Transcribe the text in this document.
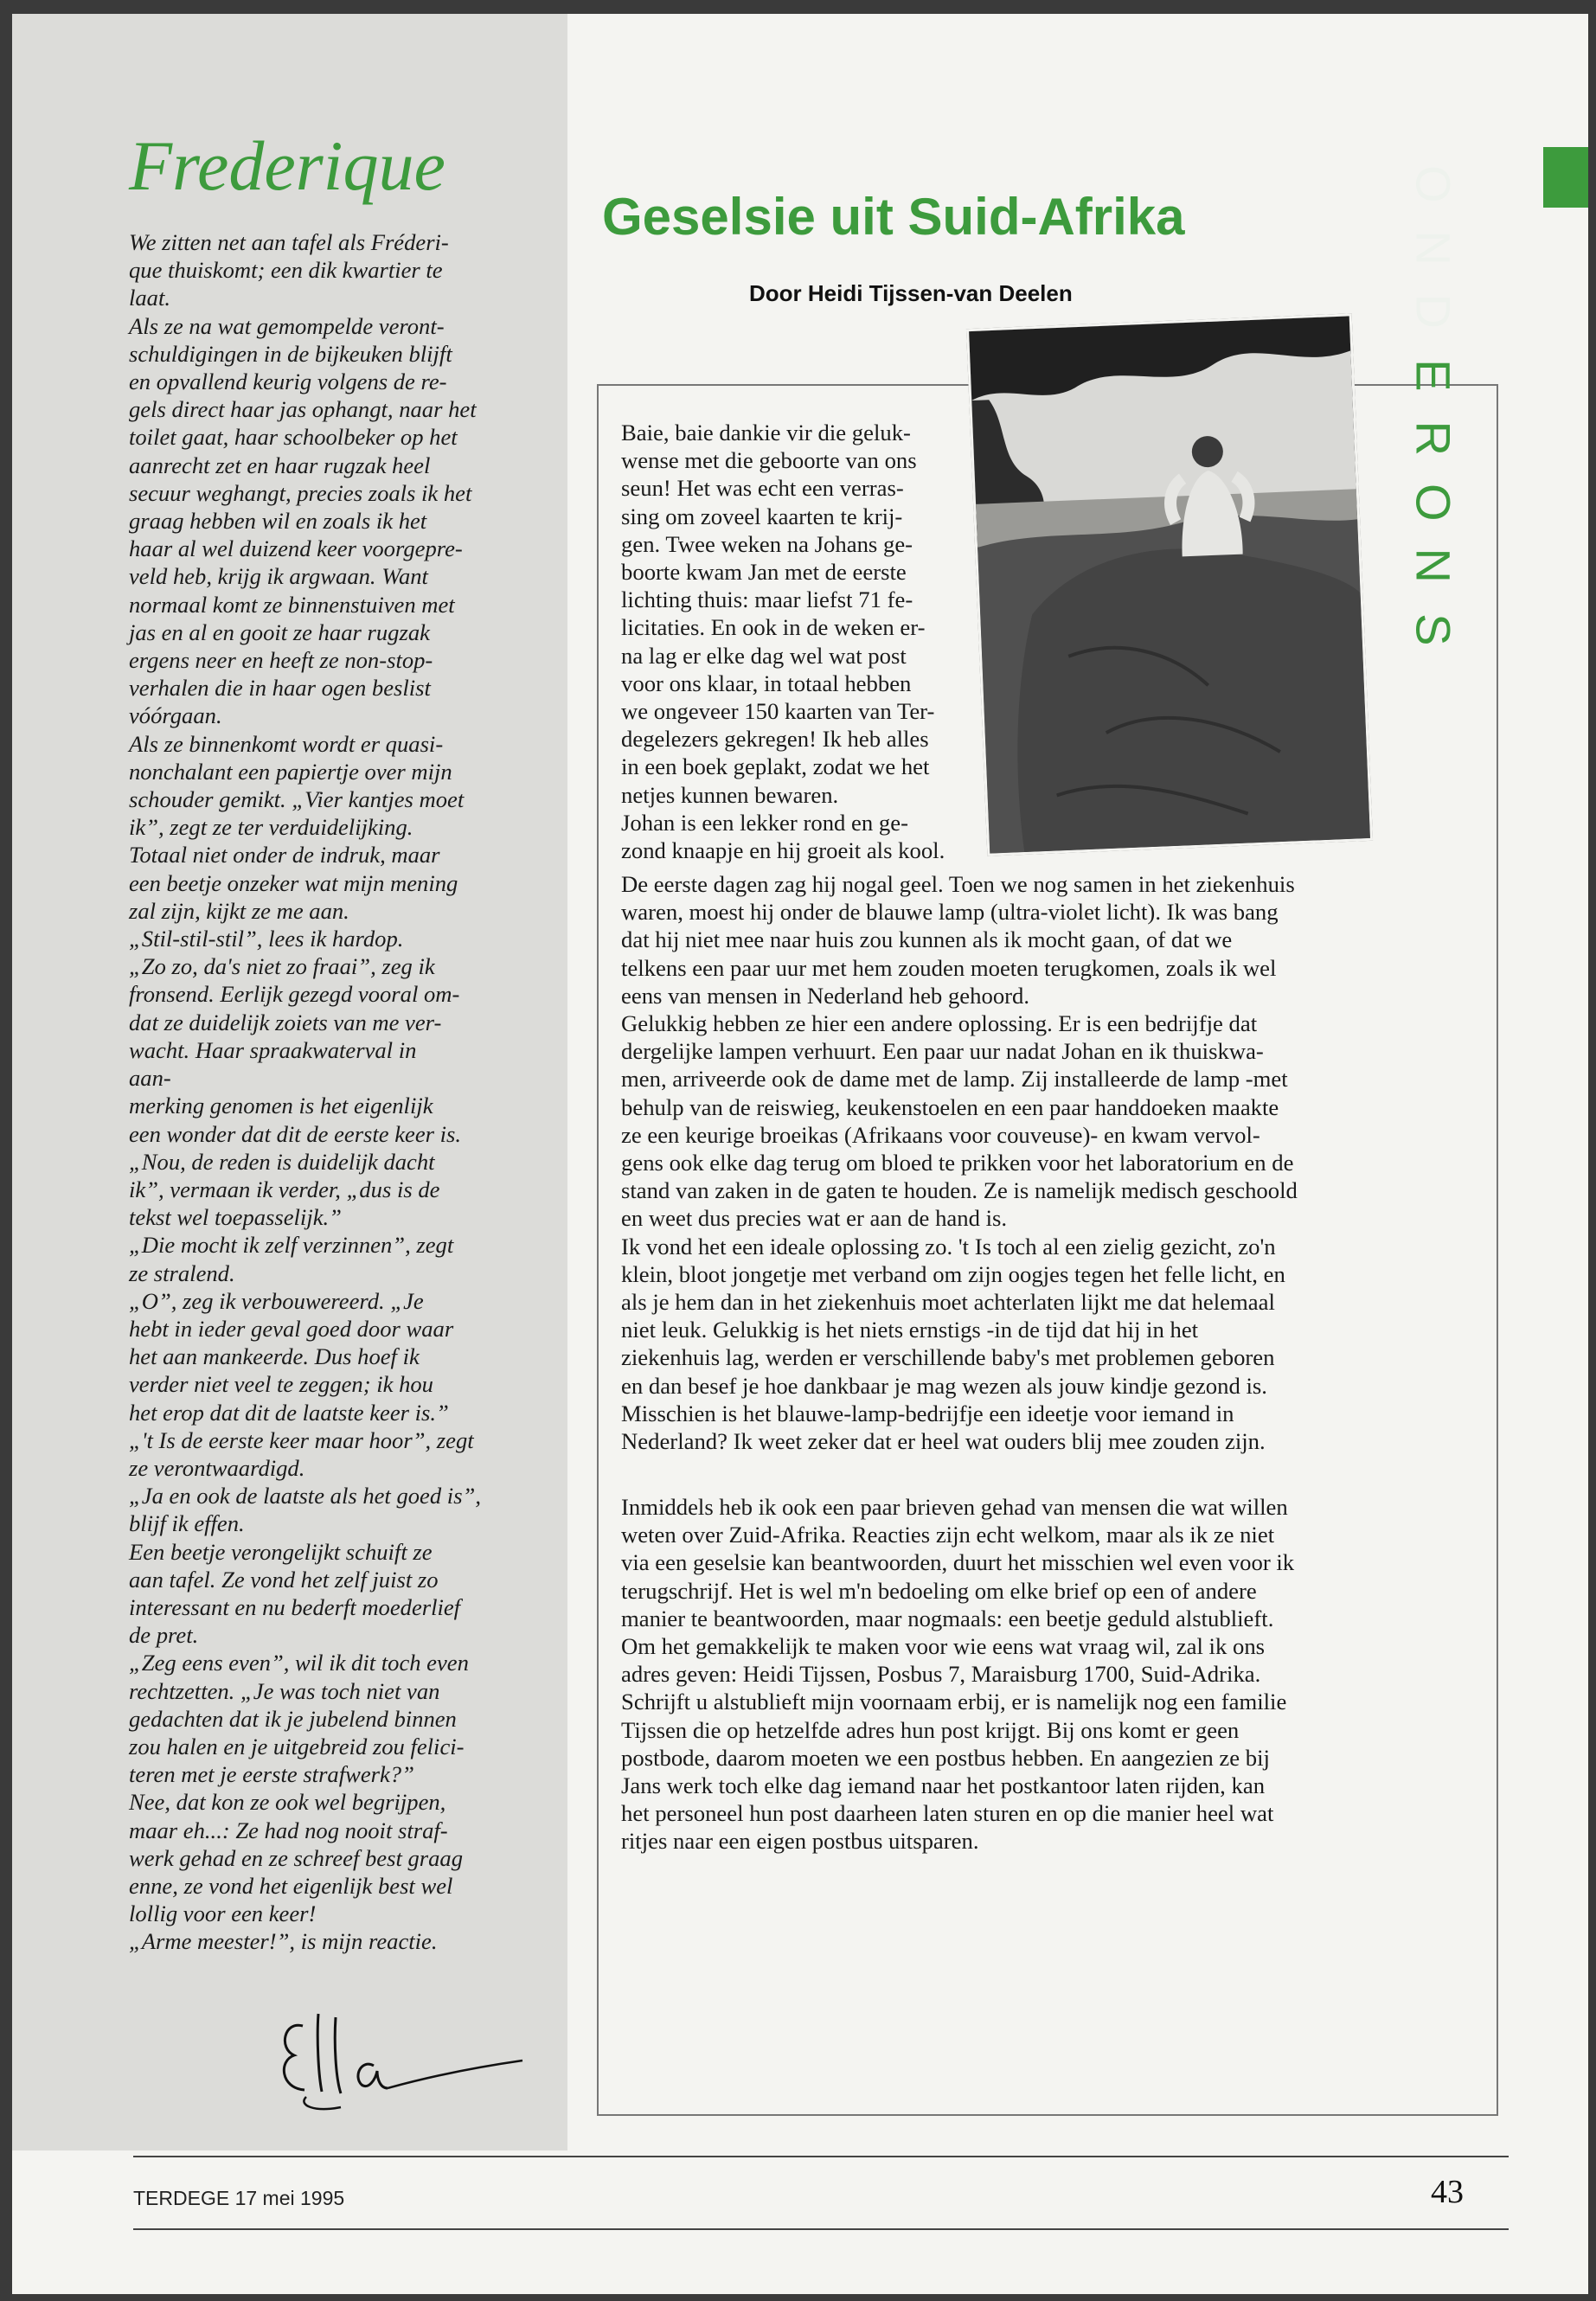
Frederique

We zitten net aan tafel als Fréderi-

que thuiskomt; een dik kwartier te

laat.

Als ze na wat gemompelde veront-

schuldigingen in de bijkeuken blijft

en opvallend keurig volgens de re-

gels direct haar jas ophangt, naar het

toilet gaat, haar schoolbeker op het

aanrecht zet en haar rugzak heel

secuur weghangt, precies zoals ik het

graag hebben wil en zoals ik het

haar al wel duizend keer voorgepre-

veld heb, krijg ik argwaan. Want

normaal komt ze binnenstuiven met

jas en al en gooit ze haar rugzak

ergens neer en heeft ze non-stop-

verhalen die in haar ogen beslist

vóórgaan.

Als ze binnenkomt wordt er quasi-

nonchalant een papiertje over mijn

schouder gemikt. „Vier kantjes moet

ik”, zegt ze ter verduidelijking.

Totaal niet onder de indruk, maar

een beetje onzeker wat mijn mening

zal zijn, kijkt ze me aan.

„Stil-stil-stil”, lees ik hardop.

„Zo zo, da's niet zo fraai”, zeg ik

fronsend. Eerlijk gezegd vooral om-

dat ze duidelijk zoiets van me ver-

wacht. Haar spraakwaterval in

aan-

merking genomen is het eigenlijk

een wonder dat dit de eerste keer is.

„Nou, de reden is duidelijk dacht

ik”, vermaan ik verder, „dus is de

tekst wel toepasselijk.”

„Die mocht ik zelf verzinnen”, zegt

ze stralend.

„O”, zeg ik verbouwereerd. „Je

hebt in ieder geval goed door waar

het aan mankeerde. Dus hoef ik

verder niet veel te zeggen; ik hou

het erop dat dit de laatste keer is.”

„'t Is de eerste keer maar hoor”, zegt

ze verontwaardigd.

„Ja en ook de laatste als het goed is”,

blijf ik effen.

Een beetje verongelijkt schuift ze

aan tafel. Ze vond het zelf juist zo

interessant en nu bederft moederlief

de pret.

„Zeg eens even”, wil ik dit toch even

rechtzetten. „Je was toch niet van

gedachten dat ik je jubelend binnen

zou halen en je uitgebreid zou felici-

teren met je eerste strafwerk?”

Nee, dat kon ze ook wel begrijpen,

maar eh...: Ze had nog nooit straf-

werk gehad en ze schreef best graag

enne, ze vond het eigenlijk best wel

lollig voor een keer!

„Arme meester!”, is mijn reactie.

Geselsie uit Suid-Afrika

Door Heidi Tijssen-van Deelen

Baie, baie dankie vir die geluk-

wense met die geboorte van ons

seun! Het was echt een verras-

sing om zoveel kaarten te krij-

gen. Twee weken na Johans ge-

boorte kwam Jan met de eerste

lichting thuis: maar liefst 71 fe-

licitaties. En ook in de weken er-

na lag er elke dag wel wat post

voor ons klaar, in totaal hebben

we ongeveer 150 kaarten van Ter-

degelezers gekregen! Ik heb alles

in een boek geplakt, zodat we het

netjes kunnen bewaren.

Johan is een lekker rond en ge-

zond knaapje en hij groeit als kool.

De eerste dagen zag hij nogal geel. Toen we nog samen in het ziekenhuis

waren, moest hij onder de blauwe lamp (ultra-violet licht). Ik was bang

dat hij niet mee naar huis zou kunnen als ik mocht gaan, of dat we

telkens een paar uur met hem zouden moeten terugkomen, zoals ik wel

eens van mensen in Nederland heb gehoord.

Gelukkig hebben ze hier een andere oplossing. Er is een bedrijfje dat

dergelijke lampen verhuurt. Een paar uur nadat Johan en ik thuiskwa-

men, arriveerde ook de dame met de lamp. Zij installeerde de lamp -met

behulp van de reiswieg, keukenstoelen en een paar handdoeken maakte

ze een keurige broeikas (Afrikaans voor couveuse)- en kwam vervol-

gens ook elke dag terug om bloed te prikken voor het laboratorium en de

stand van zaken in de gaten te houden. Ze is namelijk medisch geschoold

en weet dus precies wat er aan de hand is.

Ik vond het een ideale oplossing zo. 't Is toch al een zielig gezicht, zo'n

klein, bloot jongetje met verband om zijn oogjes tegen het felle licht, en

als je hem dan in het ziekenhuis moet achterlaten lijkt me dat helemaal

niet leuk. Gelukkig is het niets ernstigs -in de tijd dat hij in het

ziekenhuis lag, werden er verschillende baby's met problemen geboren

en dan besef je hoe dankbaar je mag wezen als jouw kindje gezond is.

Misschien is het blauwe-lamp-bedrijfje een ideetje voor iemand in

Nederland? Ik weet zeker dat er heel wat ouders blij mee zouden zijn.

Inmiddels heb ik ook een paar brieven gehad van mensen die wat willen

weten over Zuid-Afrika. Reacties zijn echt welkom, maar als ik ze niet

via een geselsie kan beantwoorden, duurt het misschien wel even voor ik

terugschrijf. Het is wel m'n bedoeling om elke brief op een of andere

manier te beantwoorden, maar nogmaals: een beetje geduld alstublieft.

Om het gemakkelijk te maken voor wie eens wat vraag wil, zal ik ons

adres geven: Heidi Tijssen, Posbus 7, Maraisburg 1700, Suid-Adrika.

Schrijft u alstublieft mijn voornaam erbij, er is namelijk nog een familie

Tijssen die op hetzelfde adres hun post krijgt. Bij ons komt er geen

postbode, daarom moeten we een postbus hebben. En aangezien ze bij

Jans werk toch elke dag iemand naar het postkantoor laten rijden, kan

het personeel hun post daarheen laten sturen en op die manier heel wat

ritjes naar een eigen postbus uitsparen.

O
N
D
E
R
O
N
S

TERDEGE 17 mei 1995	43
